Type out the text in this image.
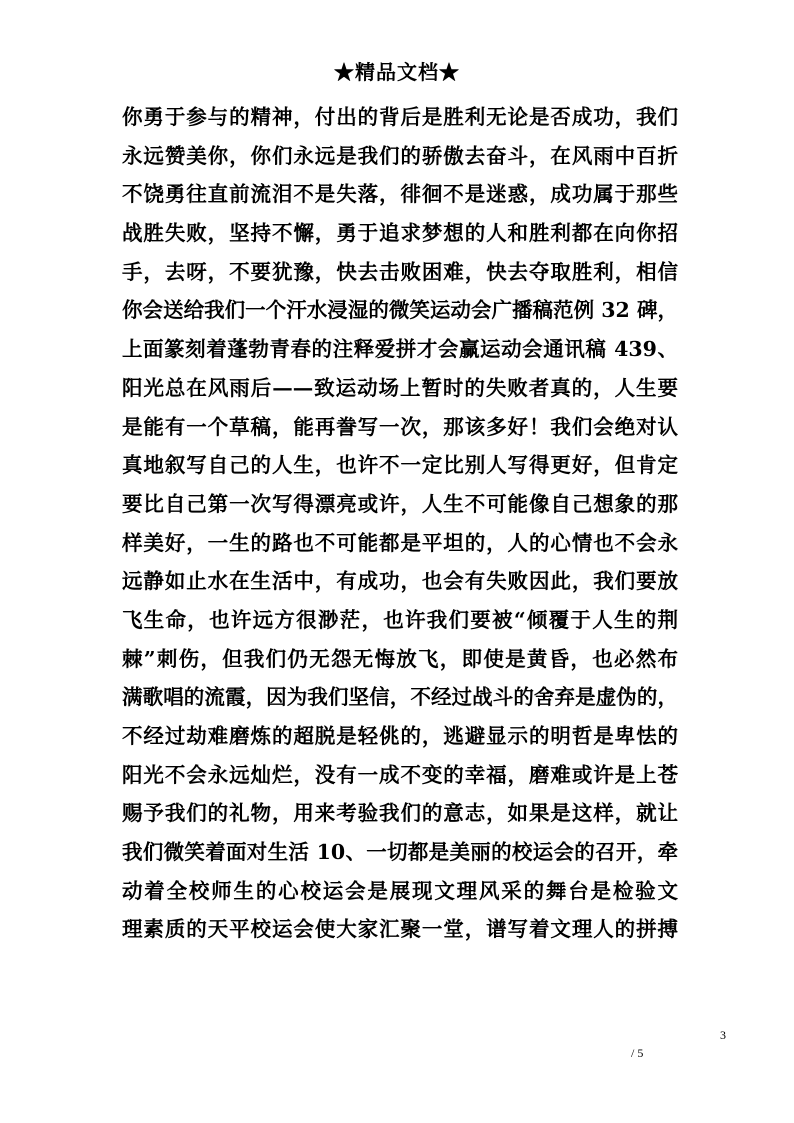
★精品文档★
你勇于参与的精神，付出的背后是胜利无论是否成功，我们
永远赞美你，你们永远是我们的骄傲去奋斗，在风雨中百折
不饶勇往直前流泪不是失落，徘徊不是迷惑，成功属于那些
战胜失败，坚持不懈，勇于追求梦想的人和胜利都在向你招
手，去呀，不要犹豫，快去击败困难，快去夺取胜利，相信
你会送给我们一个汗水浸湿的微笑运动会广播稿范例 32 碑，
上面篆刻着蓬勃青春的注释爱拼才会赢运动会通讯稿 439、
阳光总在风雨后——致运动场上暂时的失败者真的，人生要
是能有一个草稿，能再誊写一次，那该多好！我们会绝对认
真地叙写自己的人生，也许不一定比别人写得更好，但肯定
要比自己第一次写得漂亮或许，人生不可能像自己想象的那
样美好，一生的路也不可能都是平坦的，人的心情也不会永
远静如止水在生活中，有成功，也会有失败因此，我们要放
飞生命，也许远方很渺茫，也许我们要被“倾覆于人生的荆
棘”刺伤，但我们仍无怨无悔放飞，即使是黄昏，也必然布
满歌唱的流霞，因为我们坚信，不经过战斗的舍弃是虚伪的，
不经过劫难磨炼的超脱是轻佻的，逃避显示的明哲是卑怯的
阳光不会永远灿烂，没有一成不变的幸福，磨难或许是上苍
赐予我们的礼物，用来考验我们的意志，如果是这样，就让
我们微笑着面对生活 10、一切都是美丽的校运会的召开，牵
动着全校师生的心校运会是展现文理风采的舞台是检验文
理素质的天平校运会使大家汇聚一堂，谱写着文理人的拼搏
3
/ 5
